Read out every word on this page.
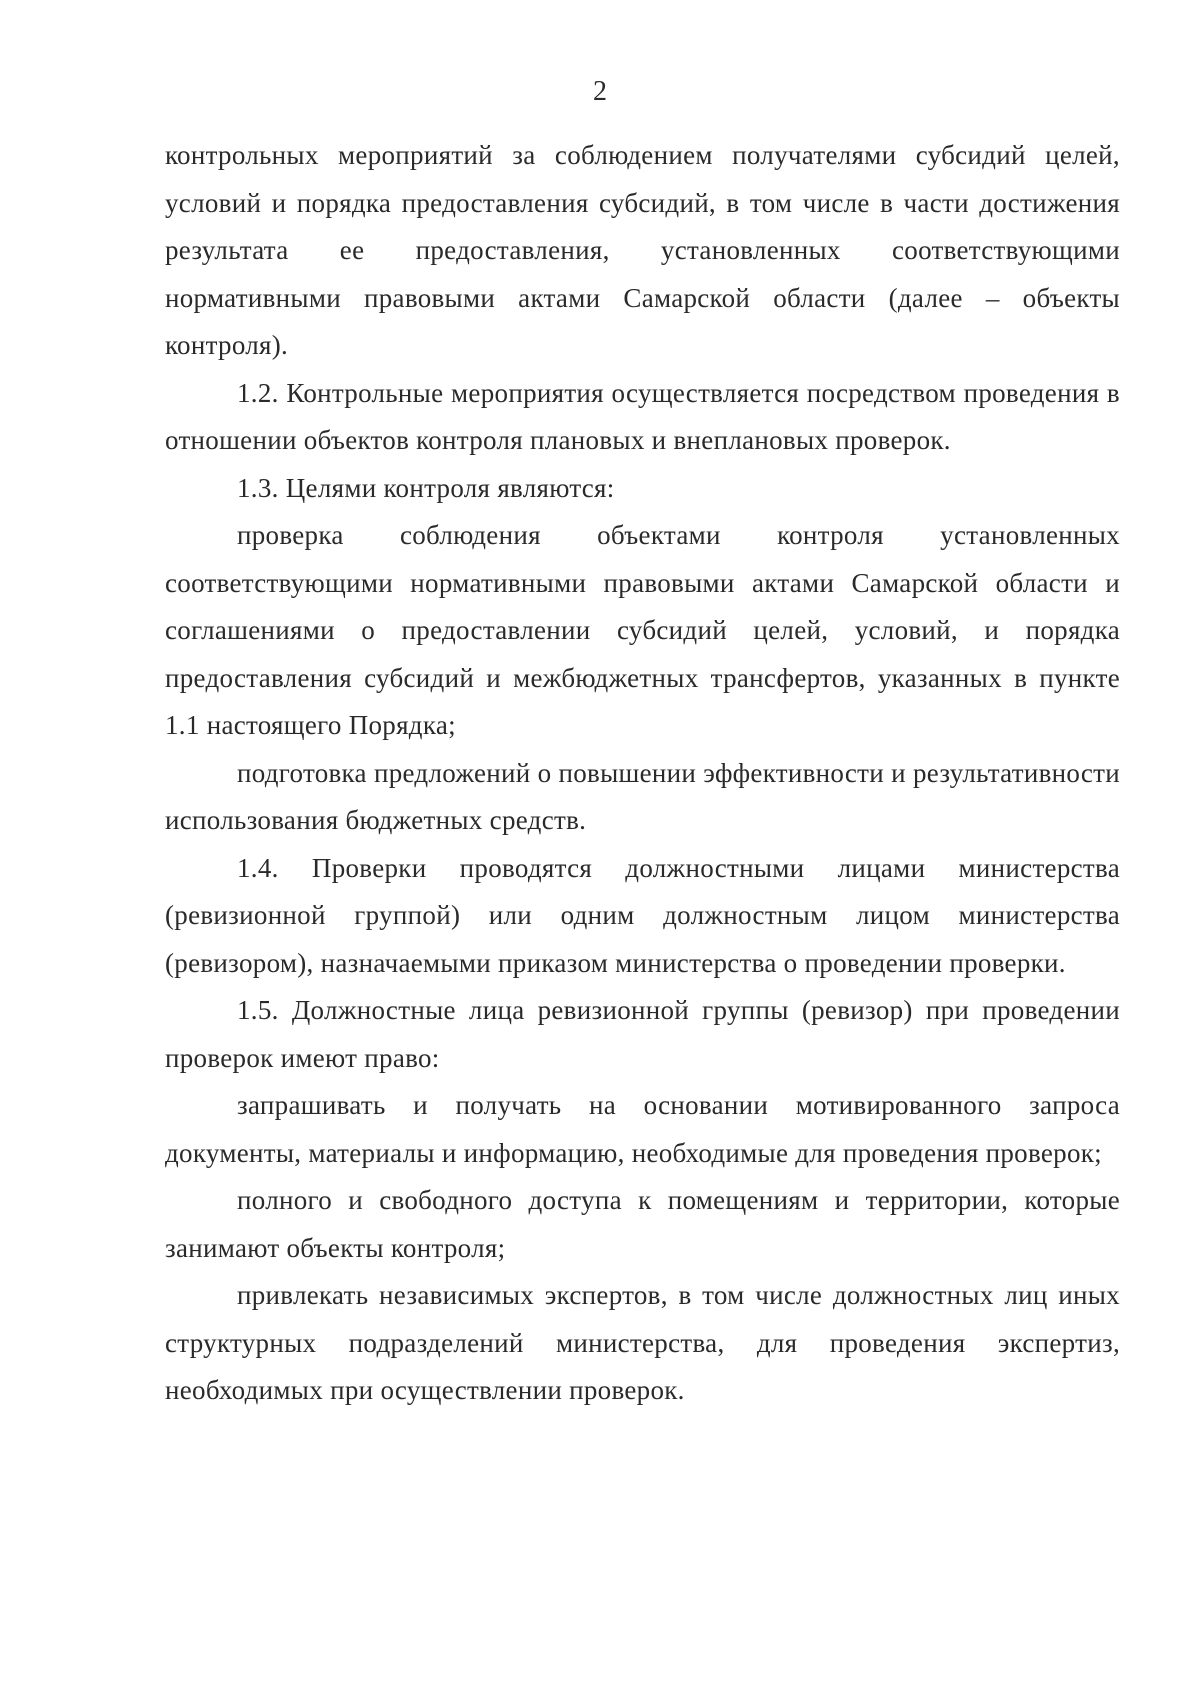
2

контрольных мероприятий за соблюдением получателями субсидий целей, условий и порядка предоставления субсидий, в том числе в части достижения результата ее предоставления, установленных соответствующими нормативными правовыми актами Самарской области (далее – объекты контроля).

1.2. Контрольные мероприятия осуществляется посредством проведения в отношении объектов контроля плановых и внеплановых проверок.

1.3. Целями контроля являются:

проверка соблюдения объектами контроля установленных соответствующими нормативными правовыми актами Самарской области и соглашениями о предоставлении субсидий целей, условий, и порядка предоставления субсидий и межбюджетных трансфертов, указанных в пункте 1.1 настоящего Порядка;

подготовка предложений о повышении эффективности и результативности использования бюджетных средств.

1.4. Проверки проводятся должностными лицами министерства (ревизионной группой) или одним должностным лицом министерства (ревизором), назначаемыми приказом министерства о проведении проверки.

1.5. Должностные лица ревизионной группы (ревизор) при проведении проверок имеют право:

запрашивать и получать на основании мотивированного запроса документы, материалы и информацию, необходимые для проведения проверок;

полного и свободного доступа к помещениям и территории, которые занимают объекты контроля;

привлекать независимых экспертов, в том числе должностных лиц иных структурных подразделений министерства, для проведения экспертиз, необходимых при осуществлении проверок.
